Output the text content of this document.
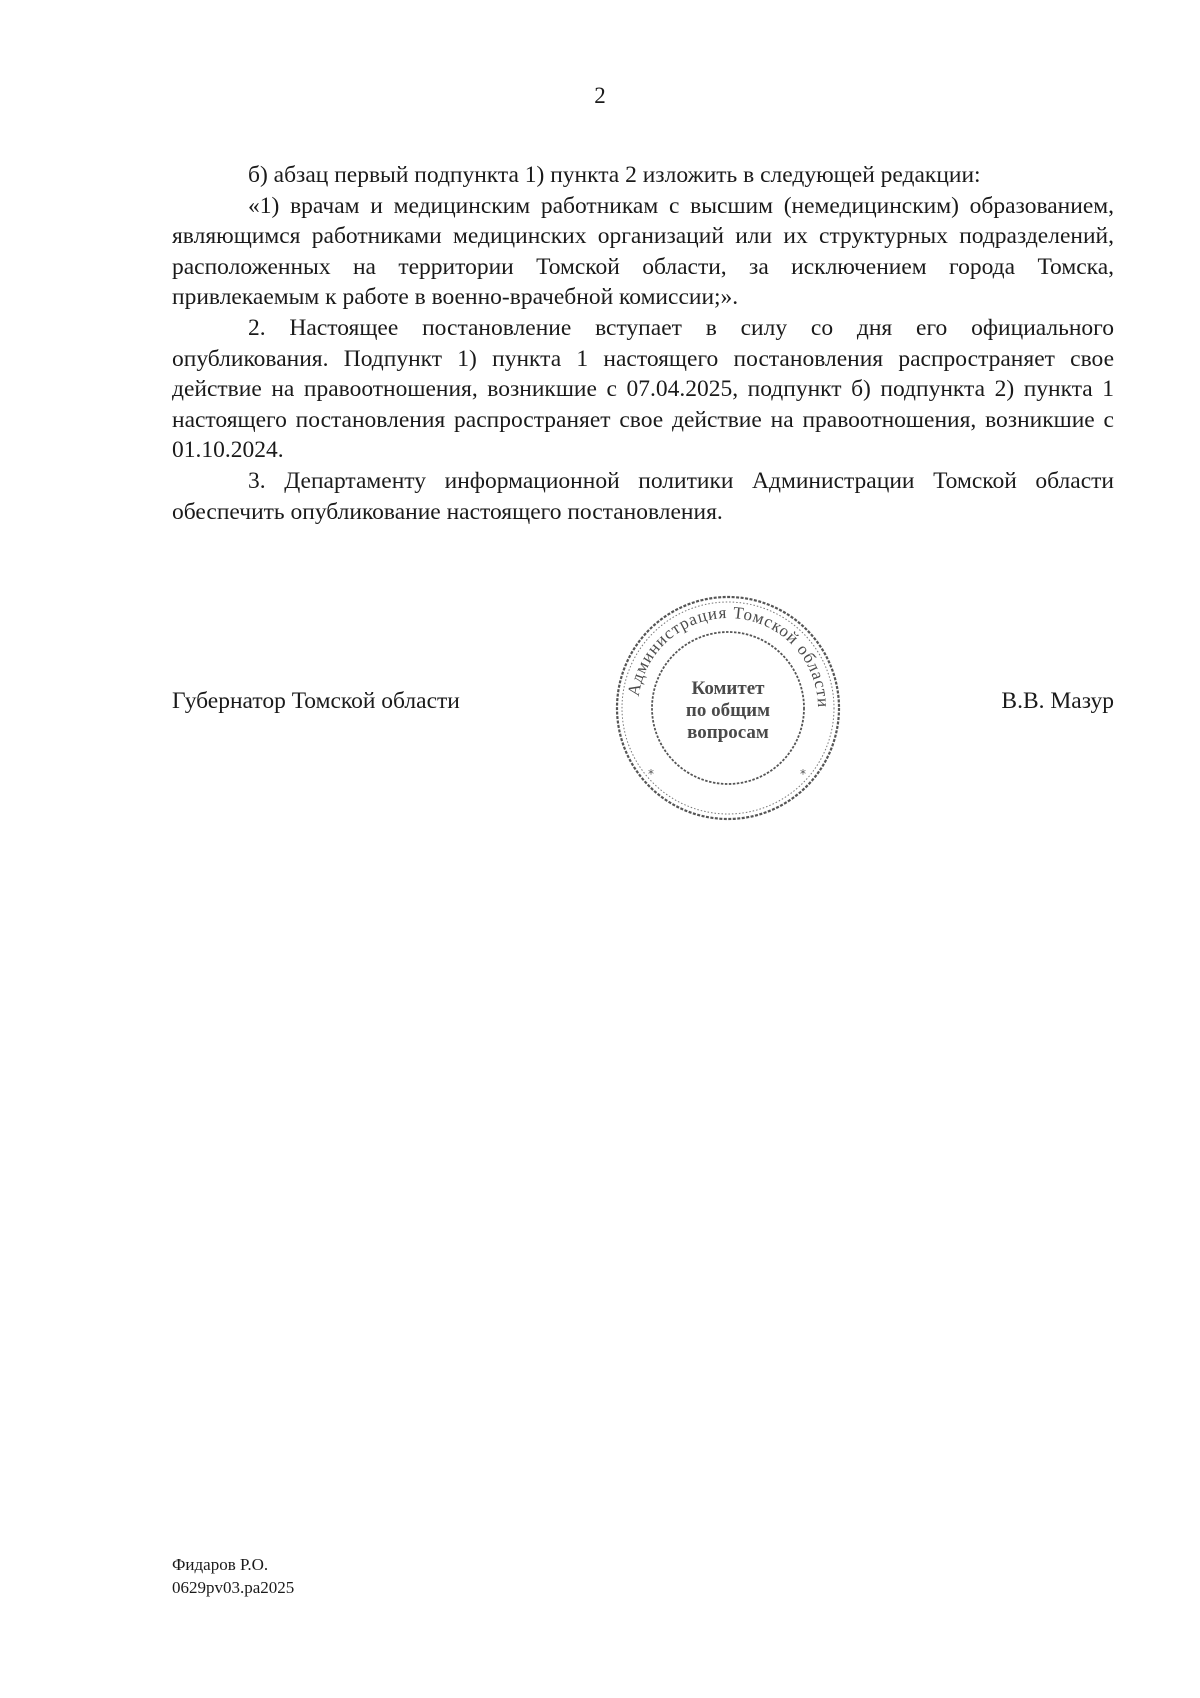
2

б) абзац первый подпункта 1) пункта 2 изложить в следующей редакции:

«1) врачам и медицинским работникам с высшим (немедицинским) образованием, являющимся работниками медицинских организаций или их структурных подразделений, расположенных на территории Томской области, за исключением города Томска, привлекаемым к работе в военно-врачебной комиссии;».

2. Настоящее постановление вступает в силу со дня его официального опубликования. Подпункт 1) пункта 1 настоящего постановления распространяет свое действие на правоотношения, возникшие с 07.04.2025, подпункт б) подпункта 2) пункта 1 настоящего постановления распространяет свое действие на правоотношения, возникшие с 01.10.2024.

3. Департаменту информационной политики Администрации Томской области обеспечить опубликование настоящего постановления.

Губернатор Томской области	В.В. Мазур
Администрация Томской области
*	*
Комитет
по общим
вопросам
Фидаров Р.О.
0629pv03.pa2025
